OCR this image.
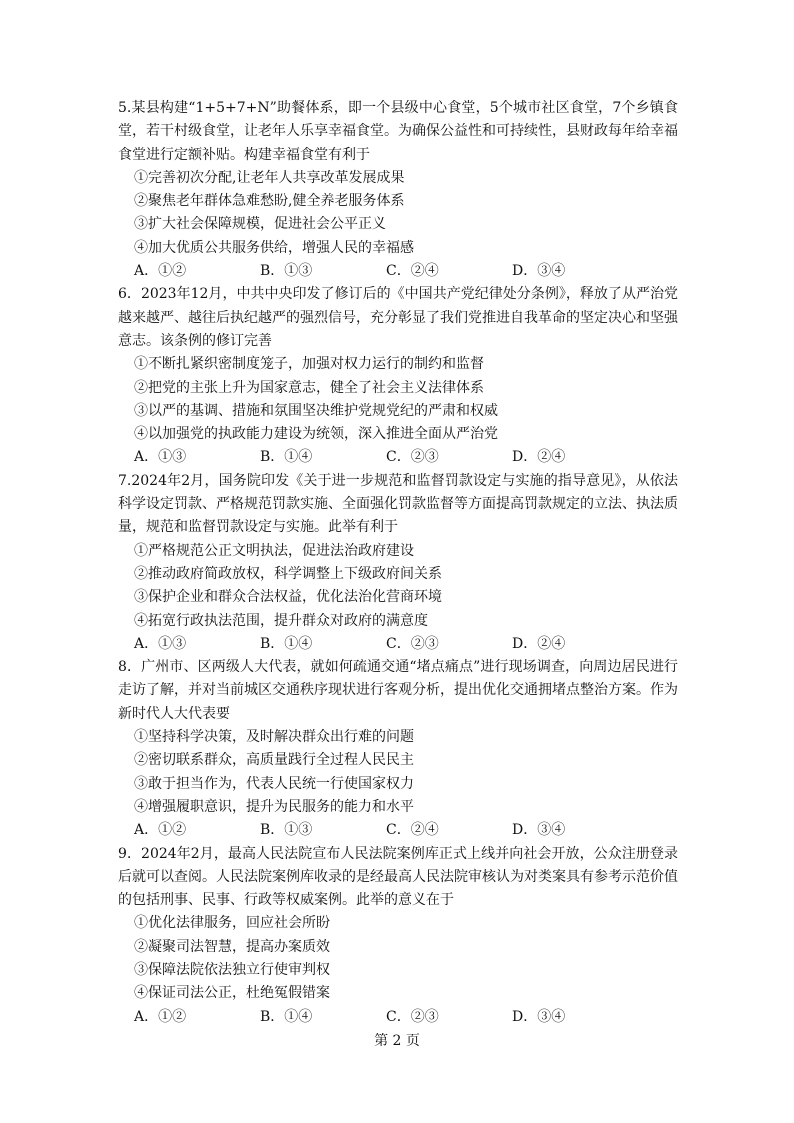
5.某县构建“1+5+7+N”助餐体系，即一个县级中心食堂，5个城市社区食堂，7个乡镇食堂，若干村级食堂，让老年人乐享幸福食堂。为确保公益性和可持续性，县财政每年给幸福食堂进行定额补贴。构建幸福食堂有利于

①完善初次分配,让老年人共享改革发展成果

②聚焦老年群体急难愁盼,健全养老服务体系

③扩大社会保障规模，促进社会公平正义

④加大优质公共服务供给，增强人民的幸福感

A．①②	B．①③	C．②④	D．③④

6．2023年12月，中共中央印发了修订后的《中国共产党纪律处分条例》，释放了从严治党越来越严、越往后执纪越严的强烈信号，充分彰显了我们党推进自我革命的坚定决心和坚强意志。该条例的修订完善

①不断扎紧织密制度笼子，加强对权力运行的制约和监督

②把党的主张上升为国家意志，健全了社会主义法律体系

③以严的基调、措施和氛围坚决维护党规党纪的严肃和权威

④以加强党的执政能力建设为统领，深入推进全面从严治党

A．①③	B．①④	C．②③	D．②④

7.2024年2月，国务院印发《关于进一步规范和监督罚款设定与实施的指导意见》，从依法科学设定罚款、严格规范罚款实施、全面强化罚款监督等方面提高罚款规定的立法、执法质量，规范和监督罚款设定与实施。此举有利于

①严格规范公正文明执法，促进法治政府建设

②推动政府简政放权，科学调整上下级政府间关系

③保护企业和群众合法权益，优化法治化营商环境

④拓宽行政执法范围，提升群众对政府的满意度

A．①③	B．①④	C．②③	D．②④

8．广州市、区两级人大代表，就如何疏通交通“堵点痛点”进行现场调查，向周边居民进行走访了解，并对当前城区交通秩序现状进行客观分析，提出优化交通拥堵点整治方案。作为新时代人大代表要

①坚持科学决策，及时解决群众出行难的问题

②密切联系群众，高质量践行全过程人民民主

③敢于担当作为，代表人民统一行使国家权力

④增强履职意识，提升为民服务的能力和水平

A．①②	B．①③	C．②④	D．③④

9．2024年2月，最高人民法院宣布人民法院案例库正式上线并向社会开放，公众注册登录后就可以查阅。人民法院案例库收录的是经最高人民法院审核认为对类案具有参考示范价值的包括刑事、民事、行政等权威案例。此举的意义在于

①优化法律服务，回应社会所盼

②凝聚司法智慧，提高办案质效

③保障法院依法独立行使审判权

④保证司法公正，杜绝冤假错案

A．①②	B．①④	C．②③	D．③④
第 2 页
